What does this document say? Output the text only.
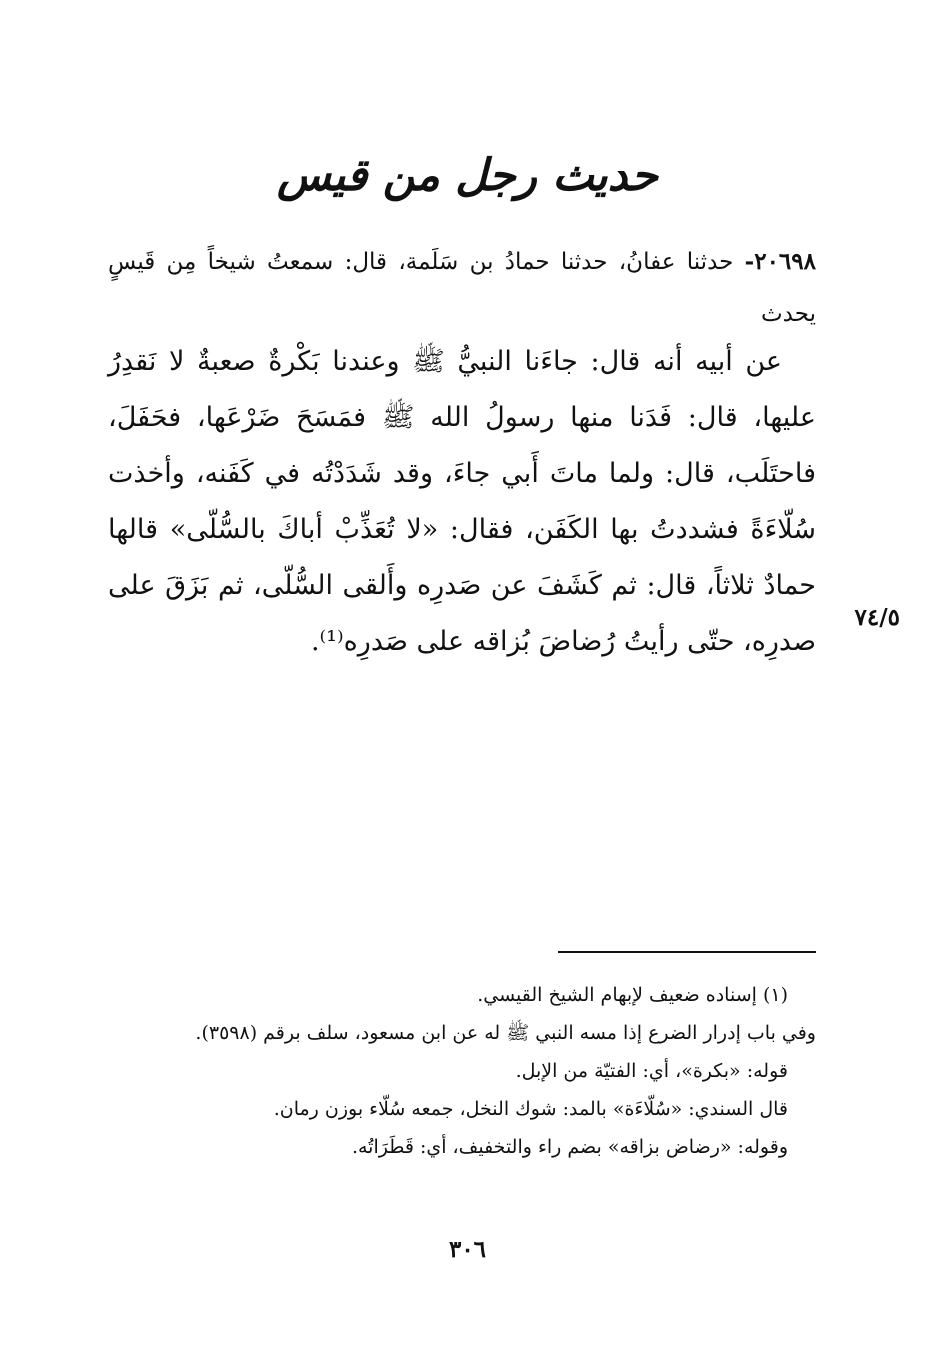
حديث رجل من قيس
٢٠٦٩٨- حدثنا عفانُ، حدثنا حمادُ بن سَلَمة، قال: سمعتُ شيخاً مِن قَيسٍ يحدث
عن أبيه أنه قال: جاءَنا النبيُّ ﷺ وعندنا بَكْرةٌ صعبةٌ لا نَقدِرُ عليها، قال: فَدَنا منها رسولُ الله ﷺ فمَسَحَ ضَرْعَها، فحَفَلَ، فاحتَلَب، قال: ولما ماتَ أَبي جاءَ، وقد شَدَدْتُه في كَفَنه، وأخذت سُلّاءَةً فشددتُ بها الكَفَن، فقال: «لا تُعَذِّبْ أباكَ بالسُّلّى» قالها حمادٌ ثلاثاً، قال: ثم كَشَفَ عن صَدرِه وأَلقى السُّلّى، ثم بَزَقَ على صدرِه، حتّى رأيتُ رُضاضَ بُزاقه على صَدرِه⁽¹⁾.
٧٤/٥

(١) إسناده ضعيف لإبهام الشيخ القيسي.

وفي باب إدرار الضرع إذا مسه النبي ﷺ له عن ابن مسعود، سلف برقم (٣٥٩٨).

قوله: «بكرة»، أي: الفتيّة من الإبل.

قال السندي: «سُلّاءَة» بالمد: شوك النخل، جمعه سُلّاء بوزن رمان.

وقوله: «رضاض بزاقه» بضم راء والتخفيف، أي: قَطَرَاتُه.

٣٠٦
